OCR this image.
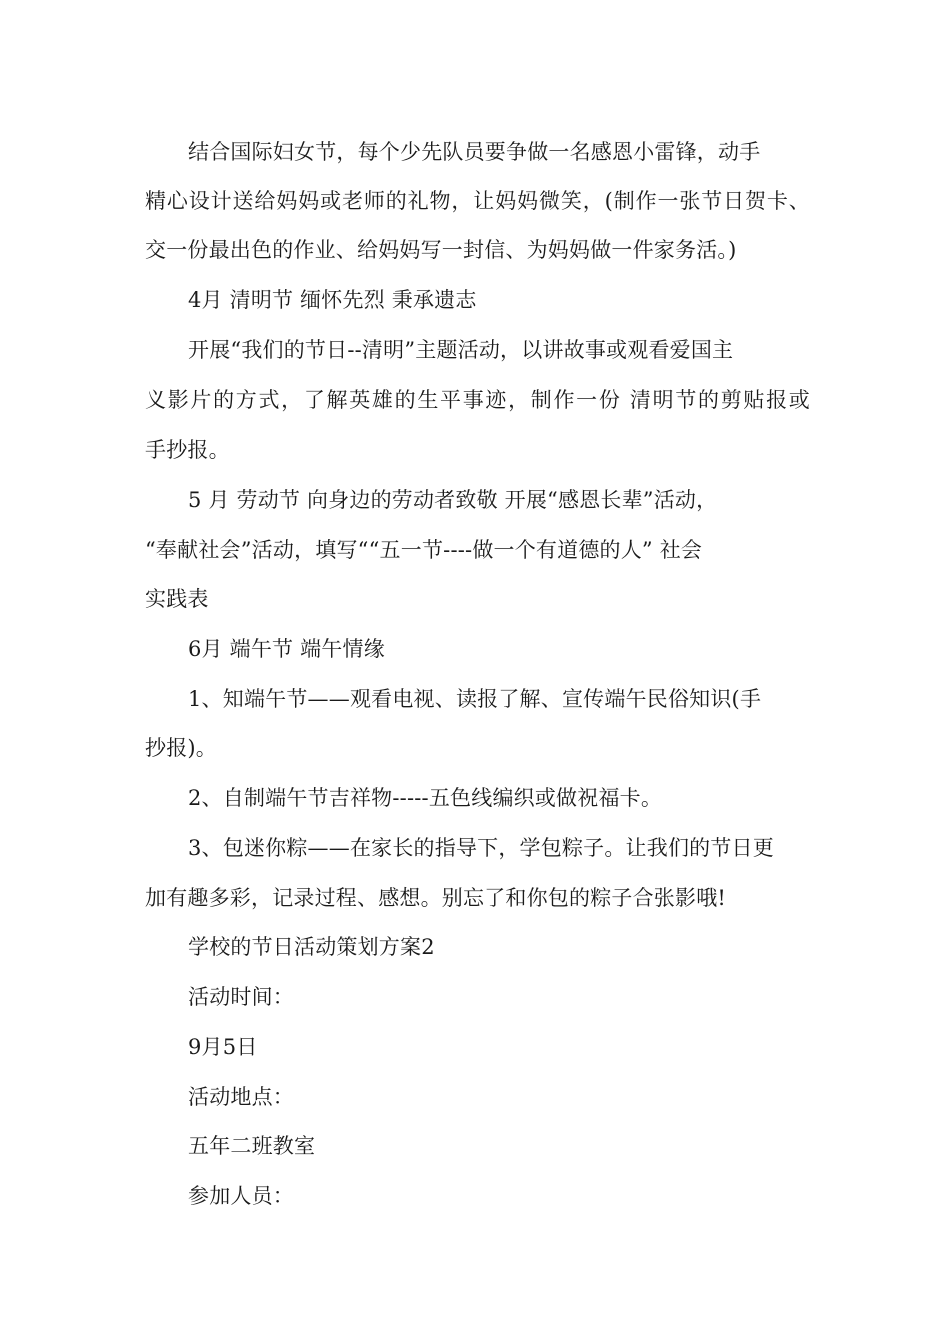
结合国际妇女节，每个少先队员要争做一名感恩小雷锋，动手
精心设计送给妈妈或老师的礼物，让妈妈微笑，(制作一张节日贺卡、
交一份最出色的作业、给妈妈写一封信、为妈妈做一件家务活。)
4月 清明节 缅怀先烈 秉承遗志
开展“我们的节日--清明”主题活动，以讲故事或观看爱国主
义影片的方式，了解英雄的生平事迹，制作一份 清明节的剪贴报或
手抄报。
5 月 劳动节 向身边的劳动者致敬 开展“感恩长辈”活动，
“奉献社会”活动，填写““五一节----做一个有道德的人” 社会
实践表
6月 端午节 端午情缘
1、知端午节——观看电视、读报了解、宣传端午民俗知识(手
抄报)。
2、自制端午节吉祥物-----五色线编织或做祝福卡。
3、包迷你粽——在家长的指导下，学包粽子。让我们的节日更
加有趣多彩，记录过程、感想。别忘了和你包的粽子合张影哦!
学校的节日活动策划方案2
活动时间：
9月5日
活动地点：
五年二班教室
参加人员：
